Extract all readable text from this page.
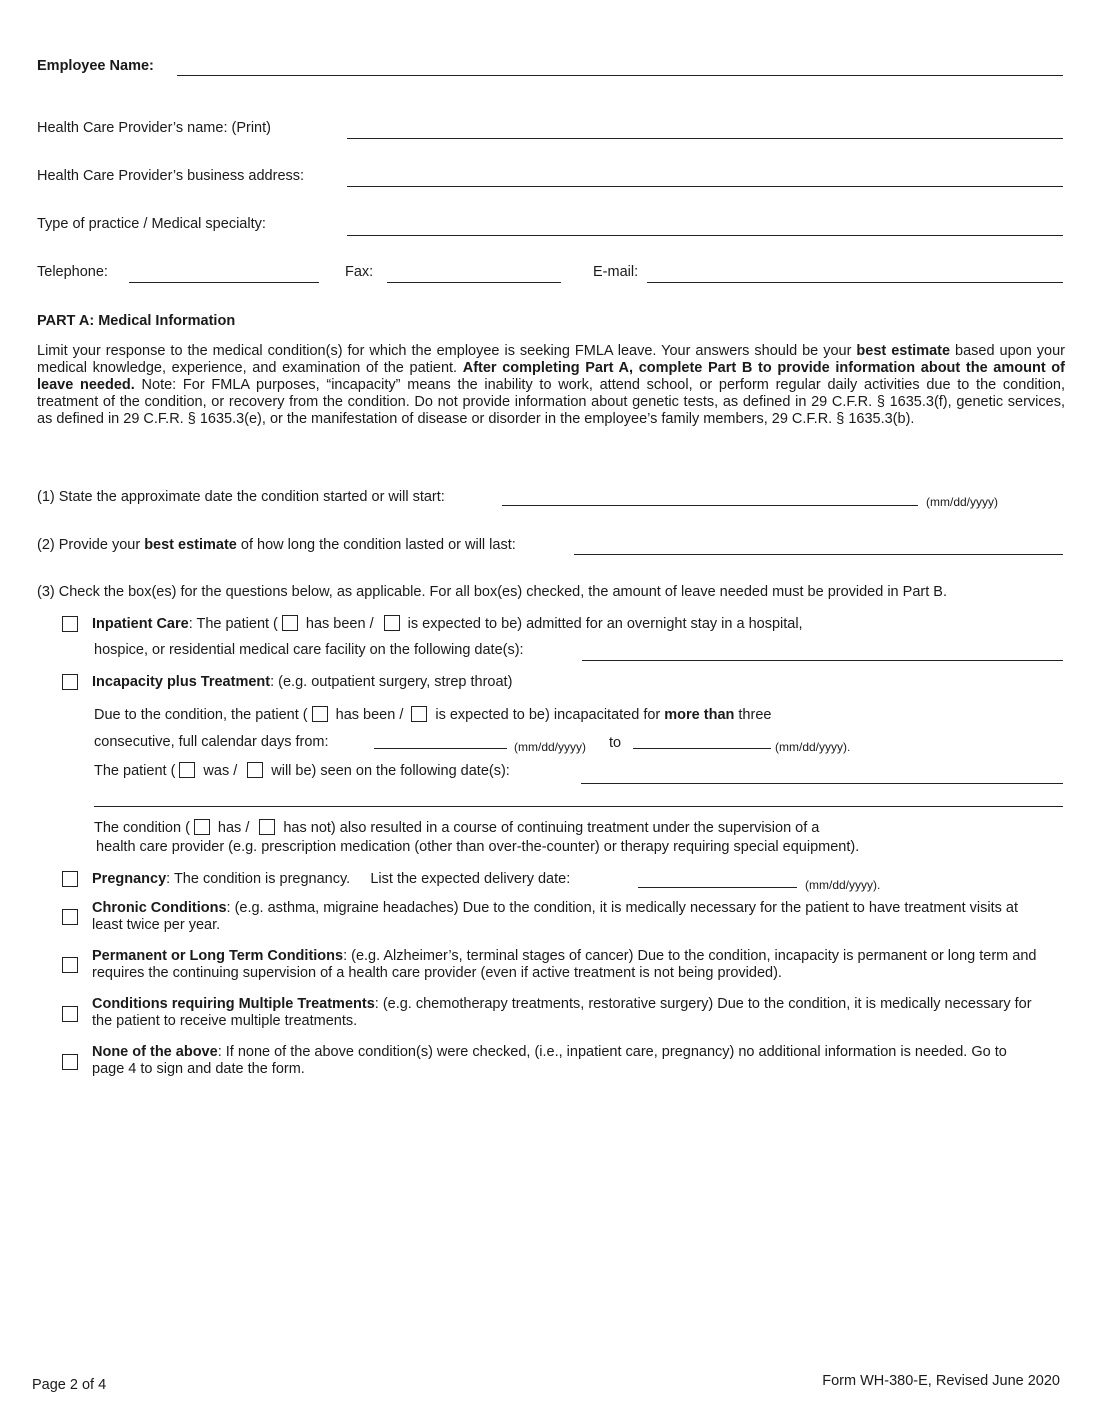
Employee Name:
Health Care Provider’s name: (Print)
Health Care Provider’s business address:
Type of practice / Medical specialty:
Telephone:	Fax:	E-mail:
PART A: Medical Information
Limit your response to the medical condition(s) for which the employee is seeking FMLA leave. Your answers should be your best estimate based upon your medical knowledge, experience, and examination of the patient. After completing Part A, complete Part B to provide information about the amount of leave needed. Note: For FMLA purposes, “incapacity” means the inability to work, attend school, or perform regular daily activities due to the condition, treatment of the condition, or recovery from the condition. Do not provide information about genetic tests, as defined in 29 C.F.R. § 1635.3(f), genetic services, as defined in 29 C.F.R. § 1635.3(e), or the manifestation of disease or disorder in the employee’s family members, 29 C.F.R. § 1635.3(b).
(1) State the approximate date the condition started or will start:	(mm/dd/yyyy)
(2) Provide your best estimate of how long the condition lasted or will last:
(3) Check the box(es) for the questions below, as applicable. For all box(es) checked, the amount of leave needed must be provided in Part B.
Inpatient Care: The patient ( has been / is expected to be) admitted for an overnight stay in a hospital,
hospice, or residential medical care facility on the following date(s):
Incapacity plus Treatment: (e.g. outpatient surgery, strep throat)
Due to the condition, the patient ( has been / is expected to be) incapacitated for more than three
consecutive, full calendar days from:	(mm/dd/yyyy) to	(mm/dd/yyyy).
The patient ( was / will be) seen on the following date(s):
The condition ( has / has not) also resulted in a course of continuing treatment under the supervision of a
health care provider (e.g. prescription medication (other than over-the-counter) or therapy requiring special equipment).
Pregnancy: The condition is pregnancy.     List the expected delivery date:	(mm/dd/yyyy).
Chronic Conditions: (e.g. asthma, migraine headaches) Due to the condition, it is medically necessary for the patient to have treatment visits at least twice per year.
Permanent or Long Term Conditions: (e.g. Alzheimer’s, terminal stages of cancer) Due to the condition, incapacity is permanent or long term and requires the continuing supervision of a health care provider (even if active treatment is not being provided).
Conditions requiring Multiple Treatments: (e.g. chemotherapy treatments, restorative surgery) Due to the condition, it is medically necessary for the patient to receive multiple treatments.
None of the above: If none of the above condition(s) were checked, (i.e., inpatient care, pregnancy) no additional information is needed. Go to page 4 to sign and date the form.
Page 2 of 4	Form WH-380-E, Revised June 2020
